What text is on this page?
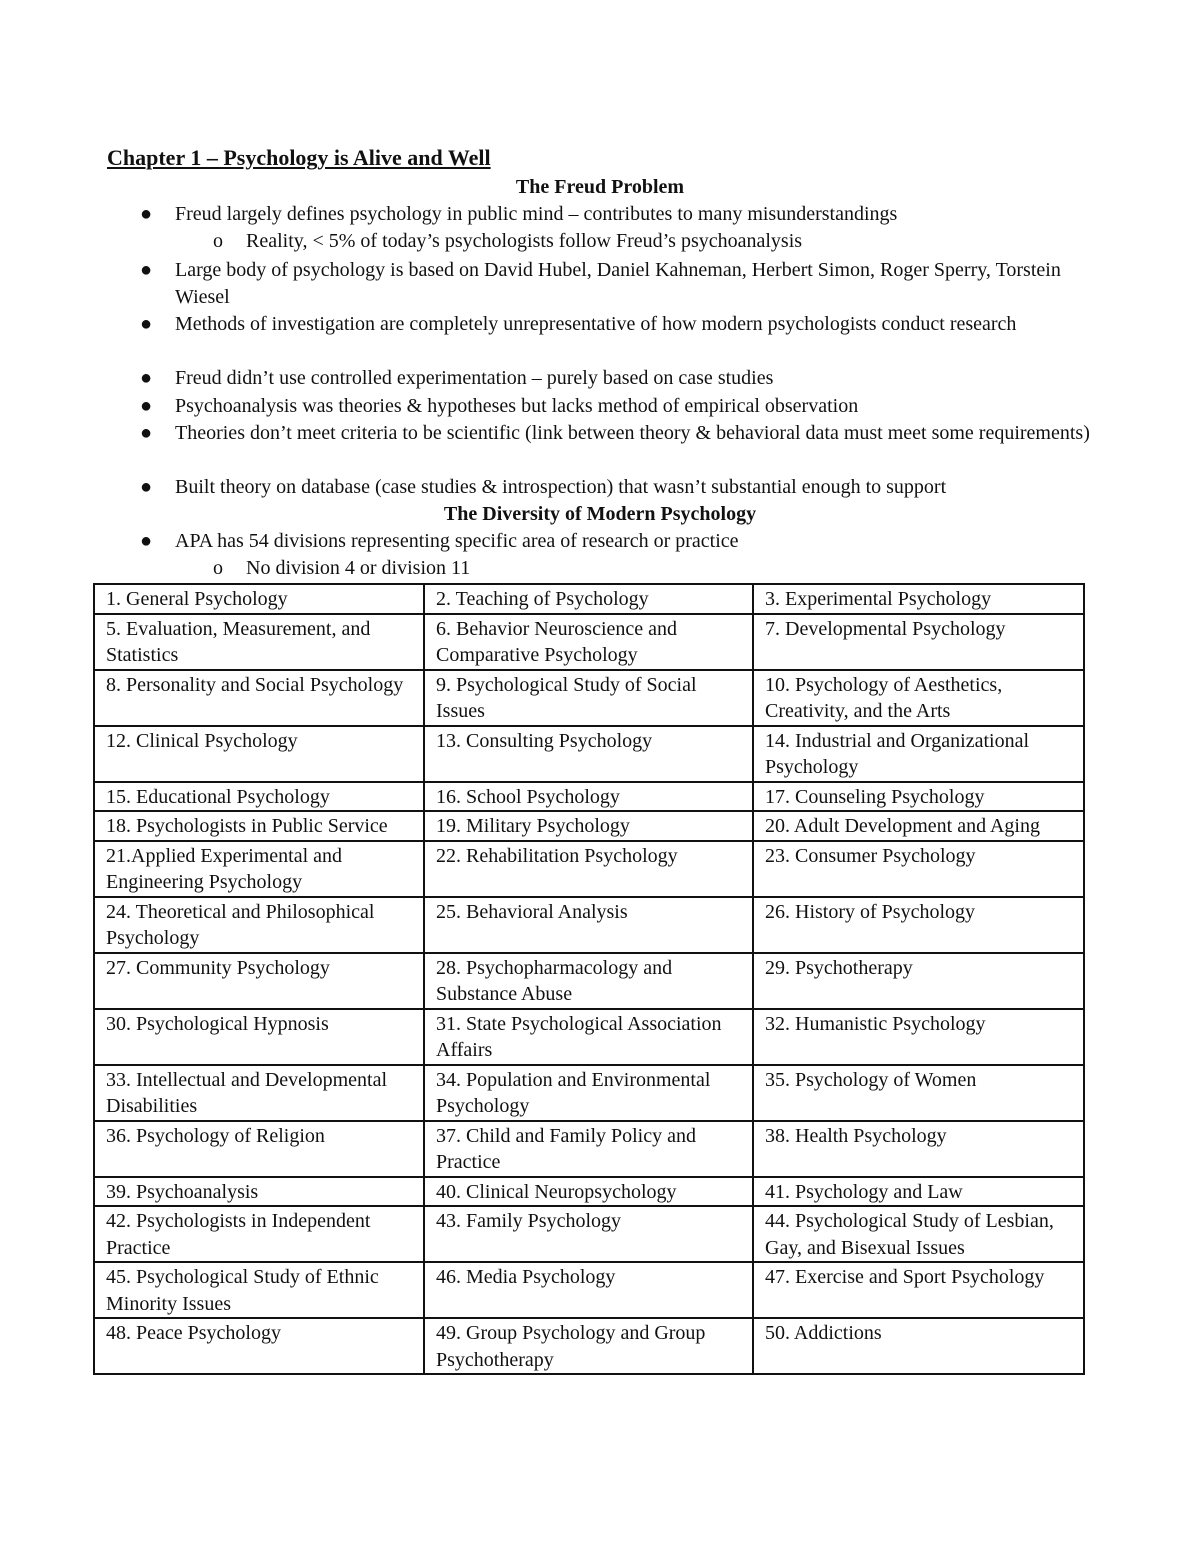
Chapter 1 – Psychology is Alive and Well
The Freud Problem
● Freud largely defines psychology in public mind – contributes to many misunderstandings
o Reality, < 5% of today’s psychologists follow Freud’s psychoanalysis
● Large body of psychology is based on David Hubel, Daniel Kahneman, Herbert Simon, Roger Sperry, Torstein Wiesel
● Methods of investigation are completely unrepresentative of how modern psychologists conduct research
● Freud didn’t use controlled experimentation – purely based on case studies
● Psychoanalysis was theories & hypotheses but lacks method of empirical observation
● Theories don’t meet criteria to be scientific (link between theory & behavioral data must meet some requirements)
● Built theory on database (case studies & introspection) that wasn’t substantial enough to support
The Diversity of Modern Psychology
● APA has 54 divisions representing specific area of research or practice
o No division 4 or division 11
1. General Psychology	2. Teaching of Psychology	3. Experimental Psychology
5. Evaluation, Measurement, and Statistics	6. Behavior Neuroscience and Comparative Psychology	7. Developmental Psychology
8. Personality and Social Psychology	9. Psychological Study of Social Issues	10. Psychology of Aesthetics, Creativity, and the Arts
12. Clinical Psychology	13. Consulting Psychology	14. Industrial and Organizational Psychology
15. Educational Psychology	16. School Psychology	17. Counseling Psychology
18. Psychologists in Public Service	19. Military Psychology	20. Adult Development and Aging
21.Applied Experimental and Engineering Psychology	22. Rehabilitation Psychology	23. Consumer Psychology
24. Theoretical and Philosophical Psychology	25. Behavioral Analysis	26. History of Psychology
27. Community Psychology	28. Psychopharmacology and Substance Abuse	29. Psychotherapy
30. Psychological Hypnosis	31. State Psychological Association Affairs	32. Humanistic Psychology
33. Intellectual and Developmental Disabilities	34. Population and Environmental Psychology	35. Psychology of Women
36. Psychology of Religion	37. Child and Family Policy and Practice	38. Health Psychology
39. Psychoanalysis	40. Clinical Neuropsychology	41. Psychology and Law
42. Psychologists in Independent Practice	43. Family Psychology	44. Psychological Study of Lesbian, Gay, and Bisexual Issues
45. Psychological Study of Ethnic Minority Issues	46. Media Psychology	47. Exercise and Sport Psychology
48. Peace Psychology	49. Group Psychology and Group Psychotherapy	50. Addictions
